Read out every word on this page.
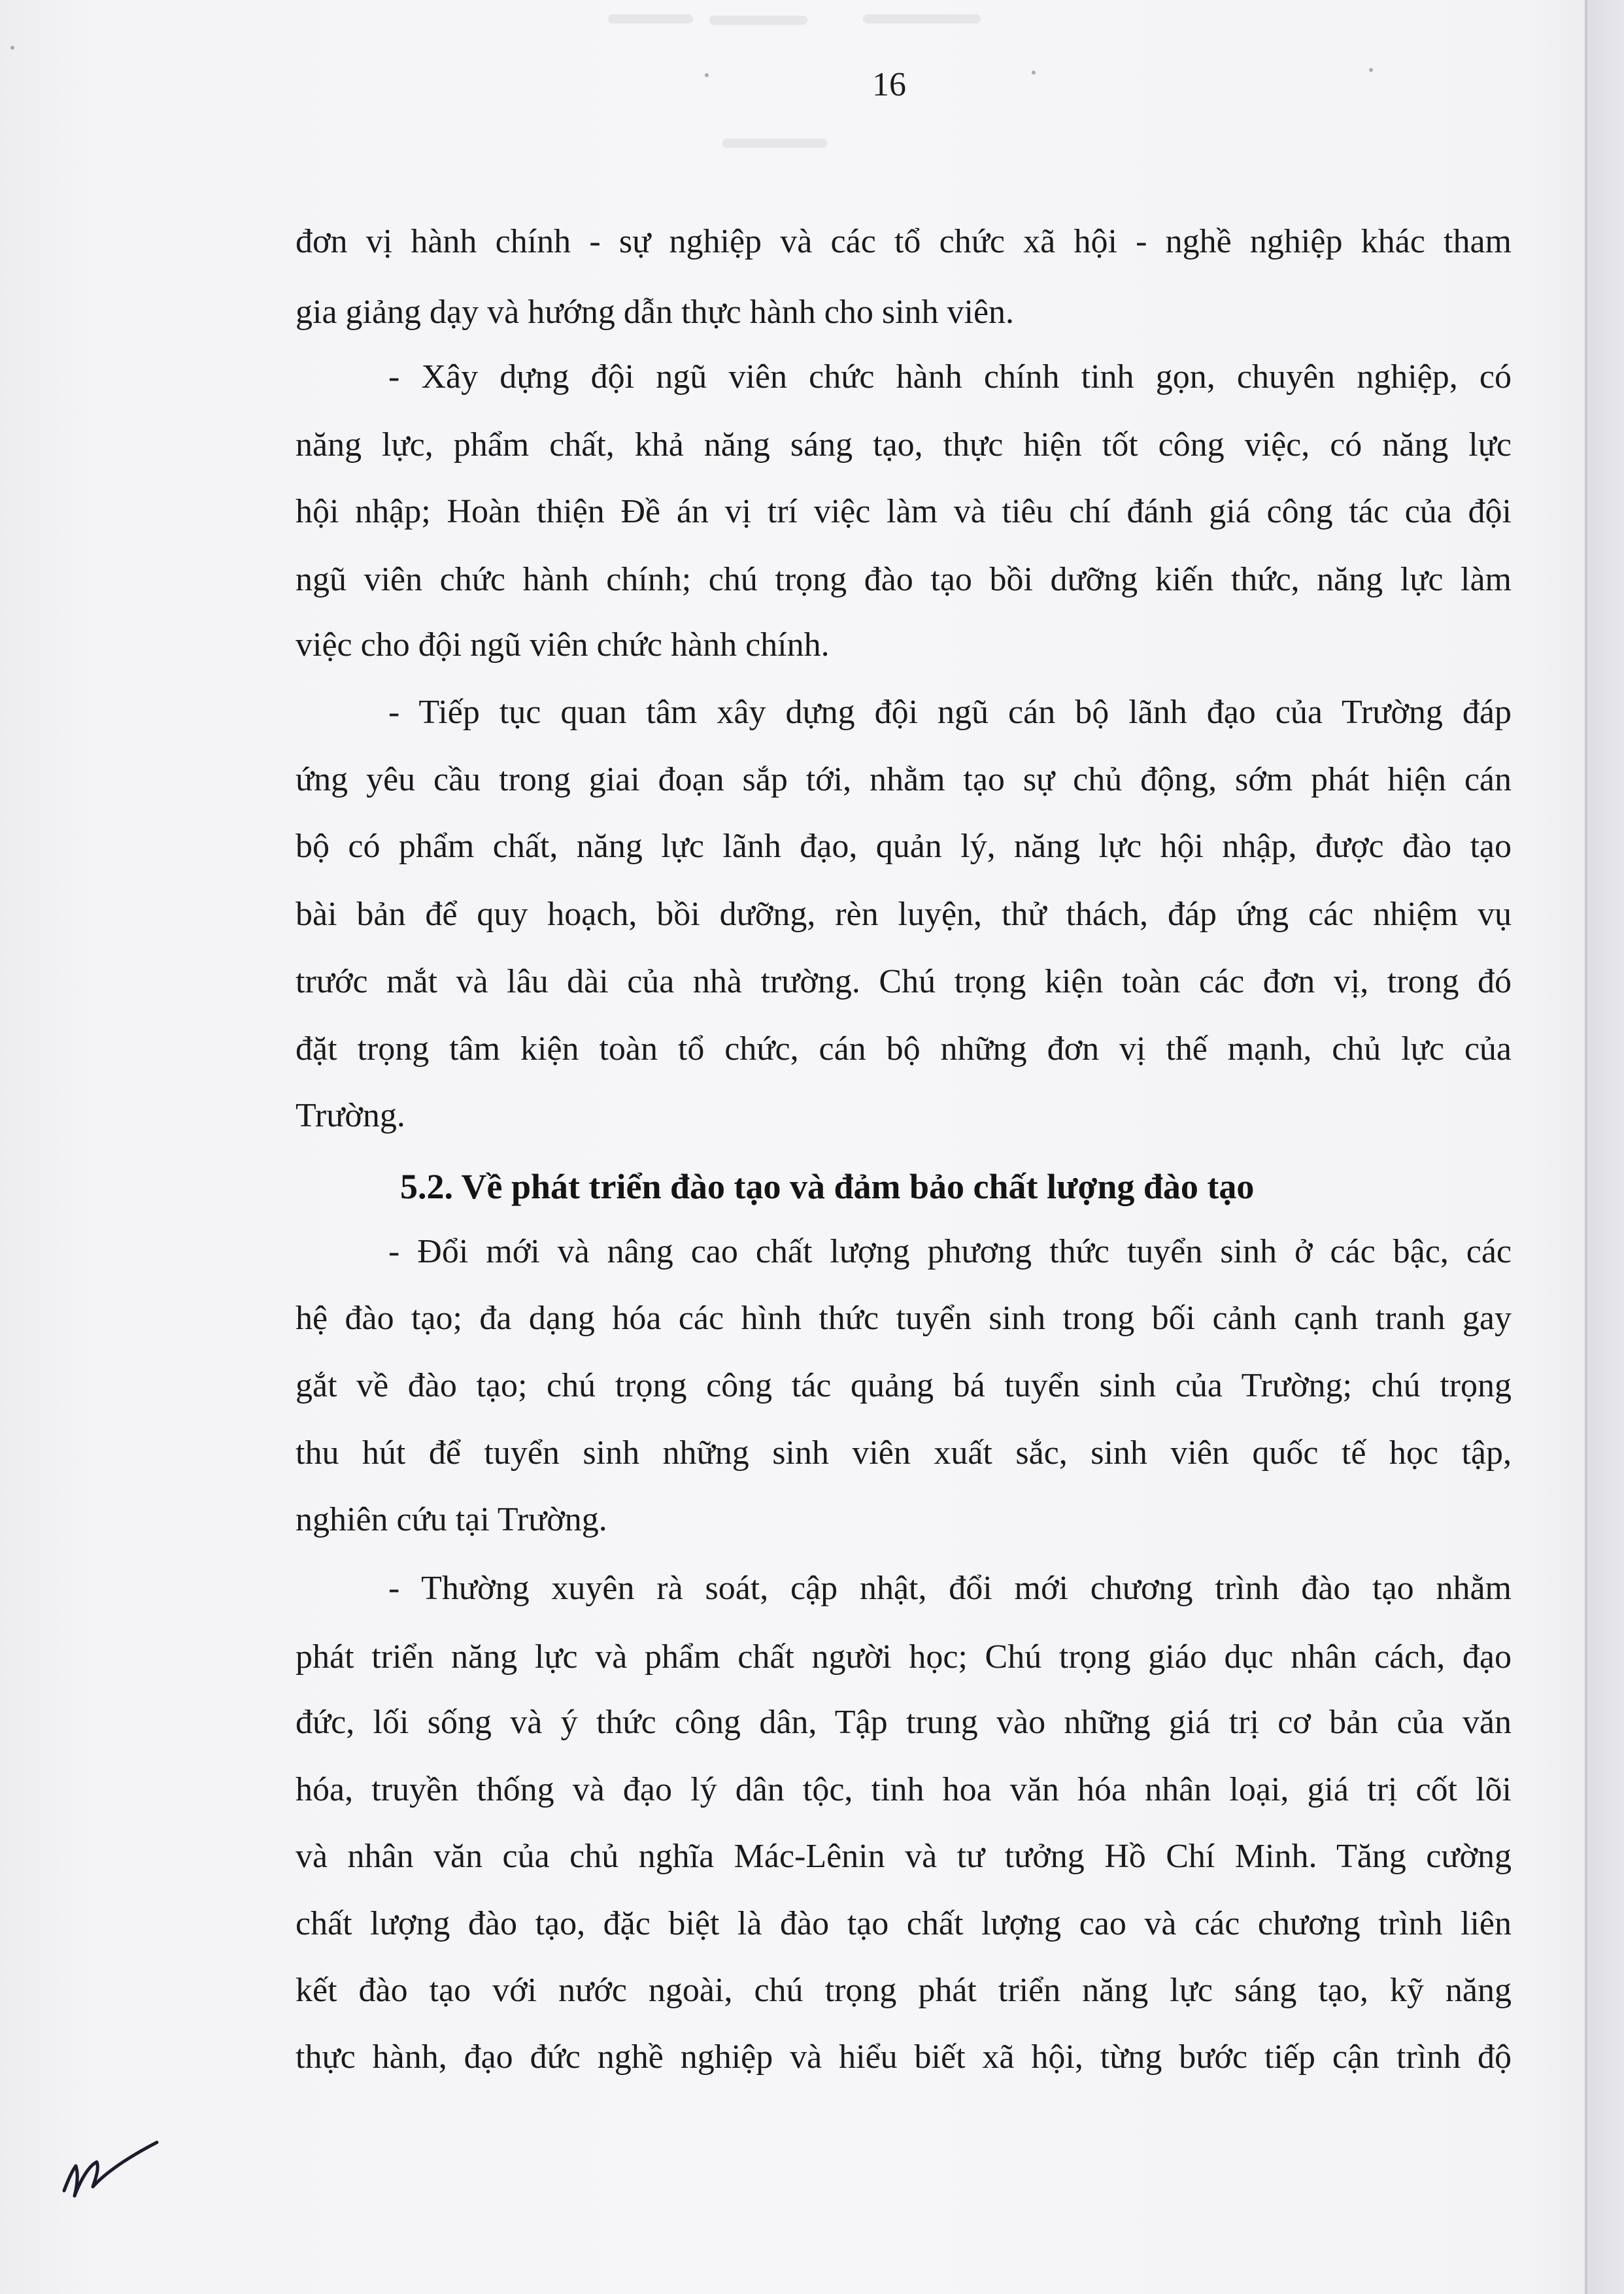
16
đơn vị hành chính - sự nghiệp và các tổ chức xã hội - nghề nghiệp khác tham
gia giảng dạy và hướng dẫn thực hành cho sinh viên.
- Xây dựng đội ngũ viên chức hành chính tinh gọn, chuyên nghiệp, có
năng lực, phẩm chất, khả năng sáng tạo, thực hiện tốt công việc, có năng lực
hội nhập; Hoàn thiện Đề án vị trí việc làm và tiêu chí đánh giá công tác của đội
ngũ viên chức hành chính; chú trọng đào tạo bồi dưỡng kiến thức, năng lực làm
việc cho đội ngũ viên chức hành chính.
- Tiếp tục quan tâm xây dựng đội ngũ cán bộ lãnh đạo của Trường đáp
ứng yêu cầu trong giai đoạn sắp tới, nhằm tạo sự chủ động, sớm phát hiện cán
bộ có phẩm chất, năng lực lãnh đạo, quản lý, năng lực hội nhập, được đào tạo
bài bản để quy hoạch, bồi dưỡng, rèn luyện, thử thách, đáp ứng các nhiệm vụ
trước mắt và lâu dài của nhà trường. Chú trọng kiện toàn các đơn vị, trong đó
đặt trọng tâm kiện toàn tổ chức, cán bộ những đơn vị thế mạnh, chủ lực của
Trường.
5.2. Về phát triển đào tạo và đảm bảo chất lượng đào tạo
- Đổi mới và nâng cao chất lượng phương thức tuyển sinh ở các bậc, các
hệ đào tạo; đa dạng hóa các hình thức tuyển sinh trong bối cảnh cạnh tranh gay
gắt về đào tạo; chú trọng công tác quảng bá tuyển sinh của Trường; chú trọng
thu hút để tuyển sinh những sinh viên xuất sắc, sinh viên quốc tế học tập,
nghiên cứu tại Trường.
- Thường xuyên rà soát, cập nhật, đổi mới chương trình đào tạo nhằm
phát triển năng lực và phẩm chất người học; Chú trọng giáo dục nhân cách, đạo
đức, lối sống và ý thức công dân, Tập trung vào những giá trị cơ bản của văn
hóa, truyền thống và đạo lý dân tộc, tinh hoa văn hóa nhân loại, giá trị cốt lõi
và nhân văn của chủ nghĩa Mác-Lênin và tư tưởng Hồ Chí Minh. Tăng cường
chất lượng đào tạo, đặc biệt là đào tạo chất lượng cao và các chương trình liên
kết đào tạo với nước ngoài, chú trọng phát triển năng lực sáng tạo, kỹ năng
thực hành, đạo đức nghề nghiệp và hiểu biết xã hội, từng bước tiếp cận trình độ
